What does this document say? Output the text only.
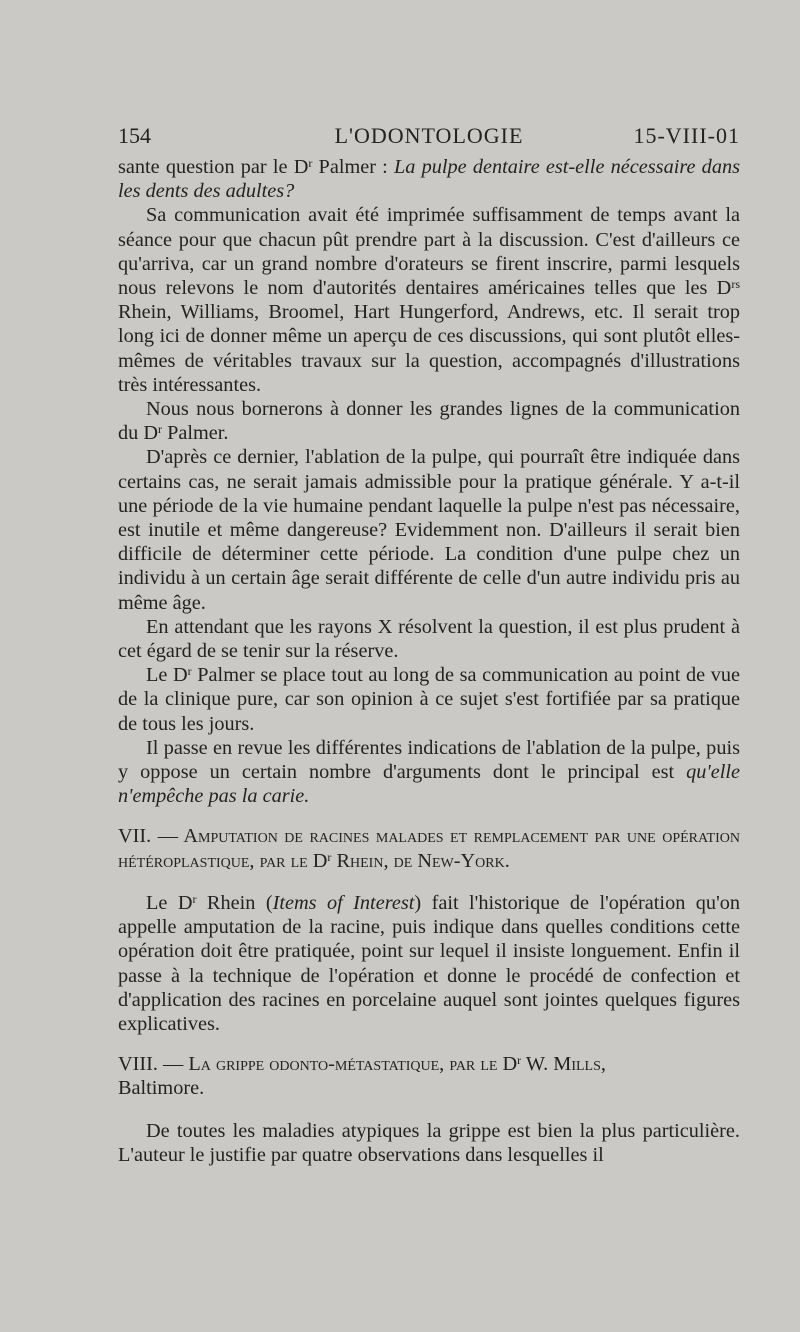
154	L'ODONTOLOGIE	15-VIII-01

sante question par le $D^r$ Palmer : La pulpe dentaire est-elle nécessaire dans les dents des adultes?

Sa communication avait été imprimée suffisamment de temps avant la séance pour que chacun pût prendre part à la discussion. C'est d'ailleurs ce qu'arriva, car un grand nombre d'orateurs se firent inscrire, parmi lesquels nous relevons le nom d'autorités dentaires américaines telles que les $D^{rs}$ Rhein, Williams, Broomel, Hart Hungerford, Andrews, etc. Il serait trop long ici de donner même un aperçu de ces discussions, qui sont plutôt elles-mêmes de véritables travaux sur la question, accompagnés d'illustrations très intéressantes.

Nous nous bornerons à donner les grandes lignes de la communication du $D^r$ Palmer.

D'après ce dernier, l'ablation de la pulpe, qui pourraît être indiquée dans certains cas, ne serait jamais admissible pour la pratique générale. Y a-t-il une période de la vie humaine pendant laquelle la pulpe n'est pas nécessaire, est inutile et même dangereuse? Evidemment non. D'ailleurs il serait bien difficile de déterminer cette période. La condition d'une pulpe chez un individu à un certain âge serait différente de celle d'un autre individu pris au même âge.

En attendant que les rayons X résolvent la question, il est plus prudent à cet égard de se tenir sur la réserve.

Le $D^r$ Palmer se place tout au long de sa communication au point de vue de la clinique pure, car son opinion à ce sujet s'est fortifiée par sa pratique de tous les jours.

Il passe en revue les différentes indications de l'ablation de la pulpe, puis y oppose un certain nombre d'arguments dont le principal est qu'elle n'empêche pas la carie.

VII. — Amputation de racines malades et remplacement par une opération hétéroplastique, par le $D^r$ Rhein, de New-York.

Le $D^r$ Rhein (Items of Interest) fait l'historique de l'opération qu'on appelle amputation de la racine, puis indique dans quelles conditions cette opération doit être pratiquée, point sur lequel il insiste longuement. Enfin il passe à la technique de l'opération et donne le procédé de confection et d'application des racines en porcelaine auquel sont jointes quelques figures explicatives.

VIII. — La grippe odonto-métastatique, par le $D^r$ W. Mills,

Baltimore.

De toutes les maladies atypiques la grippe est bien la plus particulière. L'auteur le justifie par quatre observations dans lesquelles il
